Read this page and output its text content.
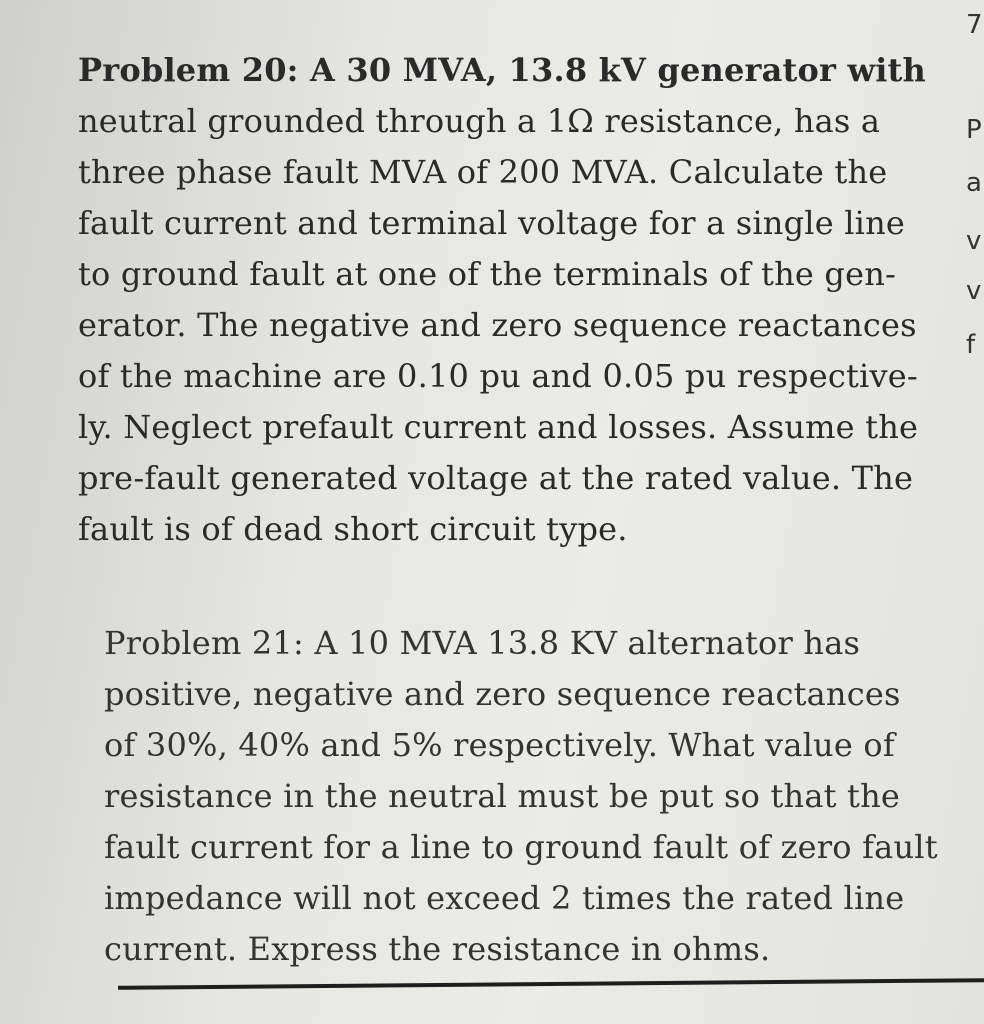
Problem 20: A 30 MVA, 13.8 kV generator with
neutral grounded through a 1Ω resistance, has a
three phase fault MVA of 200 MVA. Calculate the
fault current and terminal voltage for a single line
to ground fault at one of the terminals of the gen-
erator. The negative and zero sequence reactances
of the machine are 0.10 pu and 0.05 pu respective-
ly. Neglect prefault current and losses. Assume the
pre-fault generated voltage at the rated value. The
fault is of dead short circuit type.
Problem 21: A 10 MVA 13.8 KV alternator has
positive, negative and zero sequence reactances
of 30%, 40% and 5% respectively. What value of
resistance in the neutral must be put so that the
fault current for a line to ground fault of zero fault
impedance will not exceed 2 times the rated line
current. Express the resistance in ohms.
7
P
a
v
v
f
